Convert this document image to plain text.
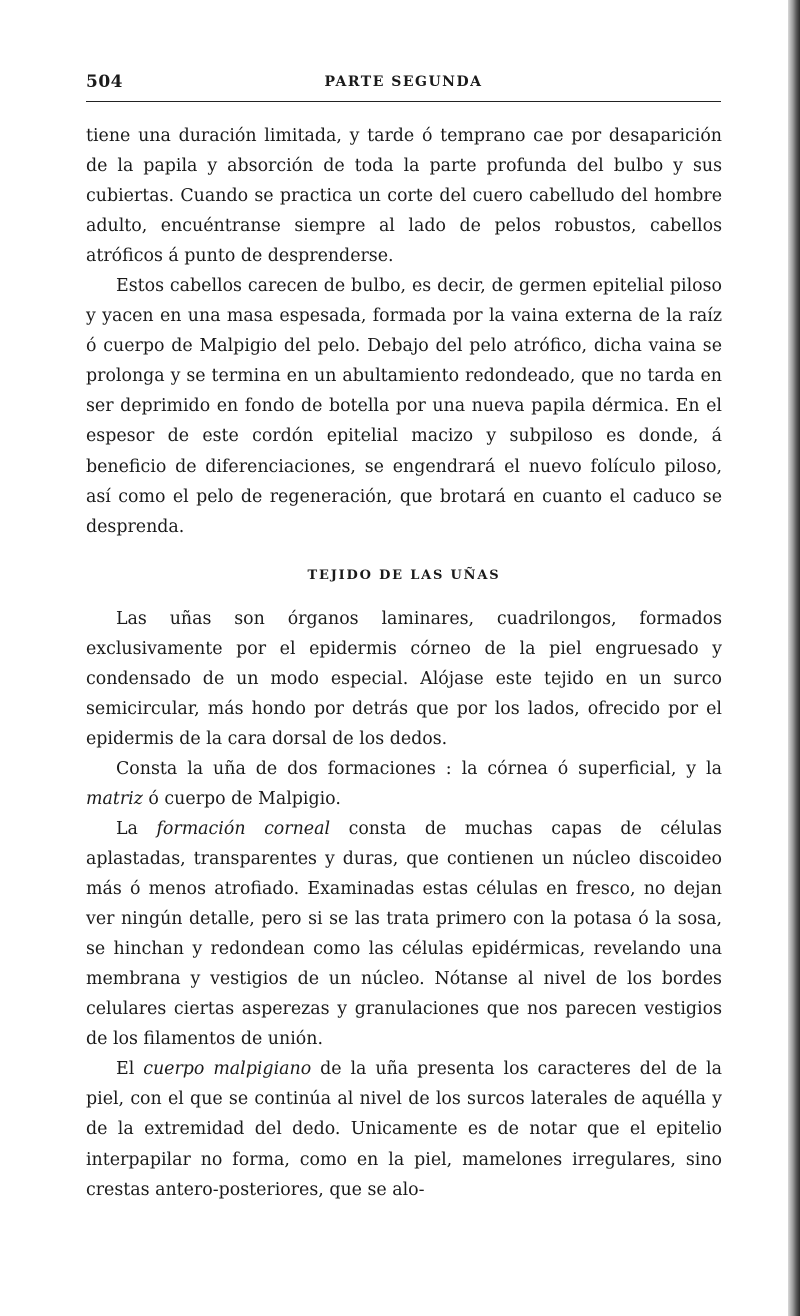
504	PARTE SEGUNDA

tiene una duración limitada, y tarde ó temprano cae por desaparición de la papila y absorción de toda la parte profunda del bulbo y sus cubiertas. Cuando se practica un corte del cuero cabelludo del hombre adulto, encuéntranse siempre al lado de pelos robustos, cabellos atróficos á punto de desprenderse.

Estos cabellos carecen de bulbo, es decir, de germen epitelial piloso y yacen en una masa espesada, formada por la vaina externa de la raíz ó cuerpo de Malpigio del pelo. Debajo del pelo atrófico, dicha vaina se prolonga y se termina en un abultamiento redondeado, que no tarda en ser deprimido en fondo de botella por una nueva papila dérmica. En el espesor de este cordón epitelial macizo y subpiloso es donde, á beneficio de diferenciaciones, se engendrará el nuevo folículo piloso, así como el pelo de regeneración, que brotará en cuanto el caduco se desprenda.

TEJIDO DE LAS UÑAS

Las uñas son órganos laminares, cuadrilongos, formados exclusivamente por el epidermis córneo de la piel engruesado y condensado de un modo especial. Alójase este tejido en un surco semicircular, más hondo por detrás que por los lados, ofrecido por el epidermis de la cara dorsal de los dedos.

Consta la uña de dos formaciones : la córnea ó superficial, y la matriz ó cuerpo de Malpigio.

La formación corneal consta de muchas capas de células aplastadas, transparentes y duras, que contienen un núcleo discoideo más ó menos atrofiado. Examinadas estas células en fresco, no dejan ver ningún detalle, pero si se las trata primero con la potasa ó la sosa, se hinchan y redondean como las células epidérmicas, revelando una membrana y vestigios de un núcleo. Nótanse al nivel de los bordes celulares ciertas asperezas y granulaciones que nos parecen vestigios de los filamentos de unión.

El cuerpo malpigiano de la uña presenta los caracteres del de la piel, con el que se continúa al nivel de los surcos laterales de aquélla y de la extremidad del dedo. Unicamente es de notar que el epitelio interpapilar no forma, como en la piel, mamelones irregulares, sino crestas antero-posteriores, que se alo-
